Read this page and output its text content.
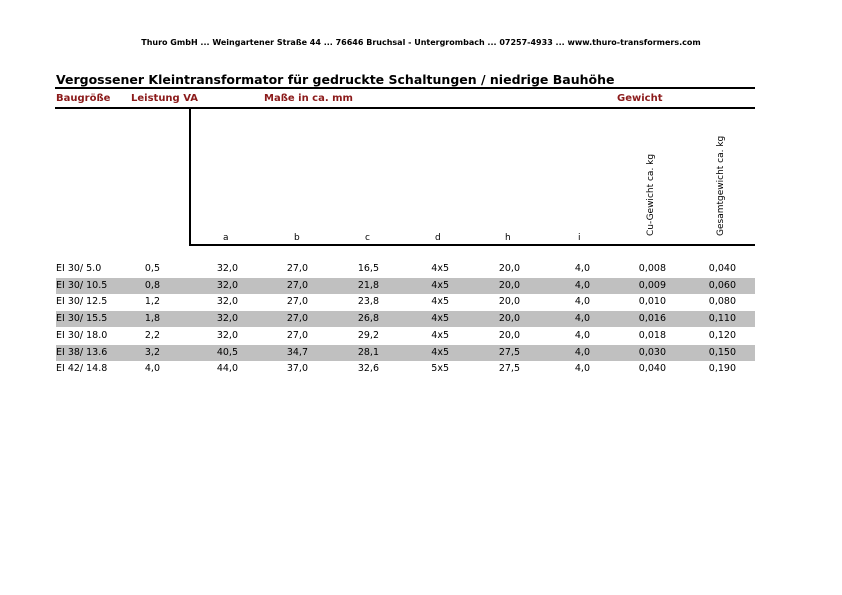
Thuro GmbH ... Weingartener Straße 44 ... 76646 Bruchsal - Untergrombach ... 07257-4933 ... www.thuro-transformers.com
Vergossener Kleintransformator für gedruckte Schaltungen / niedrige Bauhöhe
Baugröße Leistung VA	Maße in ca. mm	Gewicht
Cu-Gewicht ca. kg	Gesamtgewicht ca. kg
a	b	c	d	h	i
EI 30/ 5.0	0,5	32,0	27,0	16,5	4x5	20,0	4,0	0,008	0,040
EI 30/ 10.5	0,8	32,0	27,0	21,8	4x5	20,0	4,0	0,009	0,060
EI 30/ 12.5	1,2	32,0	27,0	23,8	4x5	20,0	4,0	0,010	0,080
EI 30/ 15.5	1,8	32,0	27,0	26,8	4x5	20,0	4,0	0,016	0,110
EI 30/ 18.0	2,2	32,0	27,0	29,2	4x5	20,0	4,0	0,018	0,120
EI 38/ 13.6	3,2	40,5	34,7	28,1	4x5	27,5	4,0	0,030	0,150
EI 42/ 14.8	4,0	44,0	37,0	32,6	5x5	27,5	4,0	0,040	0,190
